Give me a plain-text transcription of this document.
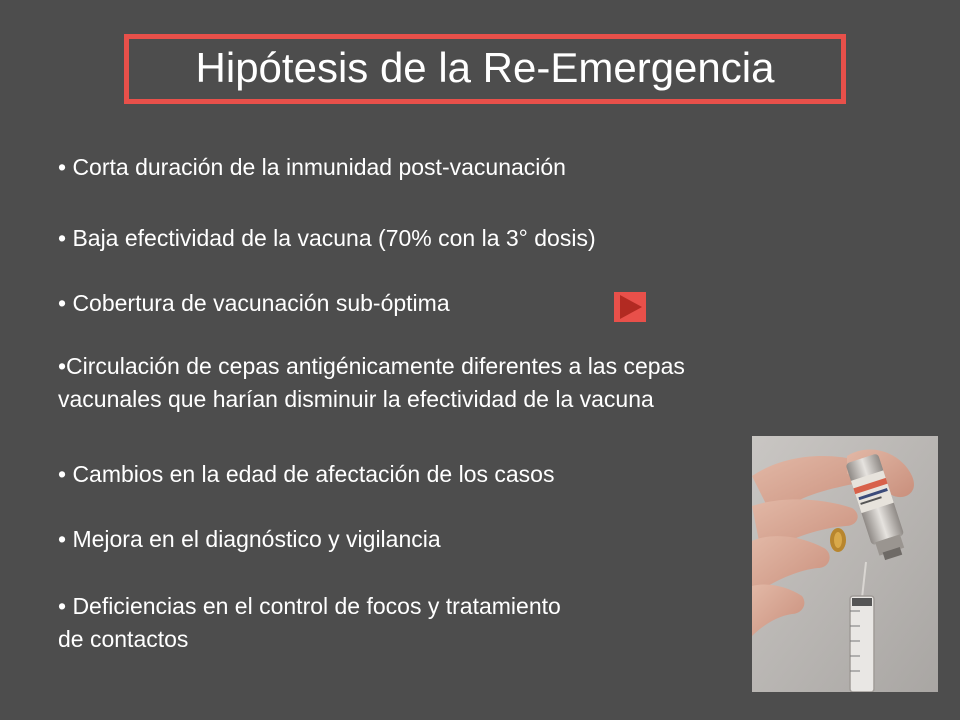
Hipótesis de la Re-Emergencia
• Corta duración de la inmunidad post-vacunación
• Baja efectividad de la vacuna (70% con la 3° dosis)
• Cobertura de vacunación sub-óptima
•Circulación de cepas antigénicamente diferentes a las cepas
vacunales que harían disminuir la efectividad de la vacuna
• Cambios en la edad de afectación de los casos
• Mejora en el diagnóstico y vigilancia
• Deficiencias en el control de focos y tratamiento
de contactos
